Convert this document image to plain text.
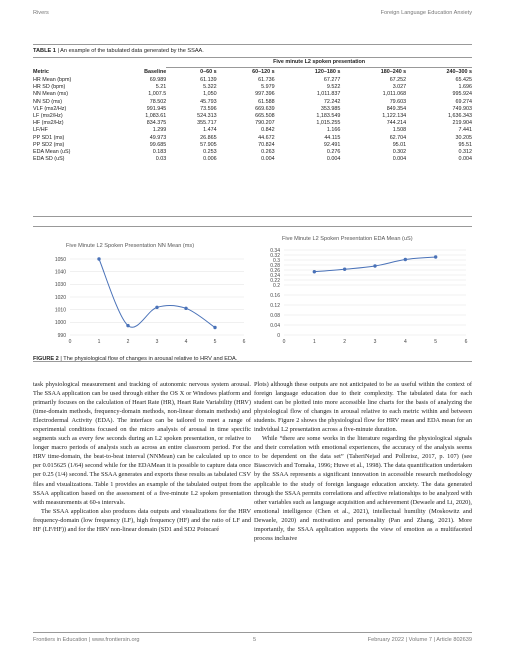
Rivers	Foreign Language Education Anxiety
TABLE 1 | An example of the tabulated data generated by the SSAA.
		Five minute L2 spoken presentation				
Metric	Baseline	0–60 s	60–120 s	120–180 s	180–240 s	240–300 s
HR Mean (bpm)	69.989	61.139	61.736	67.277	67.252	65.425
HR SD (bpm)	5.21	5.322	5.979	9.522	3.027	1.696
NN Mean (ms)	1,007.5	1,050	997.396	1,011.837	1,011.068	995.924
NN SD (ms)	78.502	45.793	61.588	72.242	79.603	69.274
VLF (ms2/Hz)	991.945	73.596	669.639	353.985	849.354	749.903
LF (ms2/Hz)	1,083.61	524.313	665.508	1,183.549	1,122.134	1,636.343
HF (ms2/Hz)	834.375	355.717	790.207	1,015.255	744.214	219.904
LF/HF	1.299	1.474	0.842	1.166	1.508	7.441
PP SD1 (ms)	49.973	26.865	44.672	44.115	62.704	30.205
PP SD2 (ms)	99.685	57.905	70.824	92.491	95.01	95.51
EDA Mean (uS)	0.183	0.253	0.263	0.276	0.302	0.312
EDA SD (uS)	0.03	0.006	0.004	0.004	0.004	0.004
Five Minute L2 Spoken Presentation NN Mean (ms)
990
1000
1010
1020
1030
1040
1050
0	1	2	3	4	5	6
Five Minute L2 Spoken Presentation EDA Mean (uS)
0
0.04
0.08
0.12
0.16
0.2
0.22
0.24
0.26
0.28
0.3
0.32
0.34
0	1	2	3	4	5	6
FIGURE 2 | The physiological flow of changes in arousal relative to HRV and EDA.

task physiological measurement and tracking of autonomic nervous system arousal. The SSAA application can be used through either the OS X or Windows platform and primarily focuses on the calculation of Heart Rate (HR), Heart Rate Variability (HRV) (time-domain methods, frequency-domain methods, non-linear domain methods) and Electrodermal Activity (EDA). The interface can be tailored to meet a range of experimental conditions focused on the micro analysis of arousal in time specific segments such as every few seconds during an L2 spoken presentation, or relative to longer macro periods of analysis such as across an entire classroom period. For the HRV time-domain, the beat-to-beat interval (NNMean) can be calculated up to once per 0.015625 (1/64) second while for the EDAMean it is possible to capture data once per 0.25 (1/4) second. The SSAA generates and exports these results as tabulated CSV files and visualizations. Table 1 provides an example of the tabulated output from the SSAA application based on the assessment of a five-minute L2 spoken presentation with measurements at 60-s intervals.

The SSAA application also produces data outputs and visualizations for the HRV frequency-domain (low frequency (LF), high frequency (HF) and the ratio of LF and HF (LF/HF)) and for the HRV non-linear domain (SD1 and SD2 Poincaré

Plots) although these outputs are not anticipated to be as useful within the context of foreign language education due to their complexity. The tabulated data for each student can be plotted into more accessible line charts for the basis of analyzing the physiological flow of changes in arousal relative to each metric within and between students. Figure 2 shows the physiological flow for HRV mean and EDA mean for an individual L2 presentation across a five-minute duration.

While “there are some works in the literature regarding the physiological signals and their correlation with emotional experiences, the accuracy of the analysis seems to be dependent on the data set” (TaheriNejad and Pollreisz, 2017, p. 107) (see Biascovich and Tomaka, 1996; Huwe et al., 1998). The data quantification undertaken by the SSAA represents a significant innovation in accessible research methodology applicable to the study of foreign language education anxiety. The data generated through the SSAA permits correlations and affective relationships to be analyzed with other variables such as language acquisition and achievement (Dewaele and Li, 2020), emotional intelligence (Chen et al., 2021), intellectual humility (Moskowitz and Dewaele, 2020) and motivation and personality (Pan and Zhang, 2021). More importantly, the SSAA application supports the view of emotion as a multifaceted process inclusive

Frontiers in Education | www.frontiersin.org	5	February 2022 | Volume 7 | Article 802639
